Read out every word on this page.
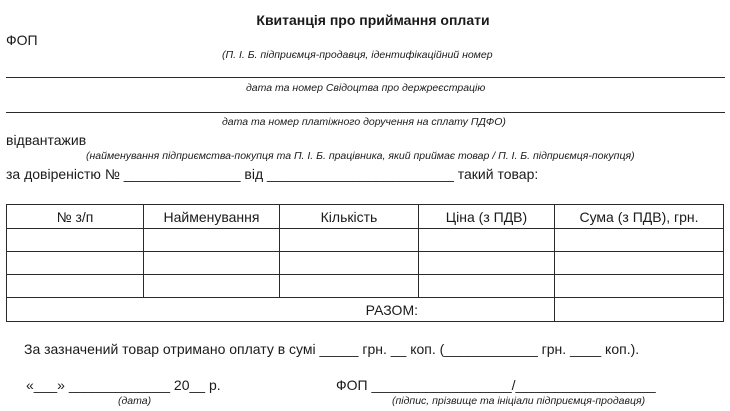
Квитанція про приймання оплати
ФОП
(П. І. Б. підприємця-продавця, ідентифікаційний номер
дата та номер Свідоцтва про держреєстрацію
дата та номер платіжного доручення на сплату ПДФО)
відвантажив
(найменування підприємства-покупця та П. І. Б. працівника, який приймає товар / П. І. Б. підприємця-покупця)
за довіреністю № _______________ від ________________________ такий товар:
№ з/п	Найменування	Кількість	Ціна (з ПДВ)	Сума (з ПДВ), грн.

РАЗОМ:				
За зазначений товар отримано оплату в сумі _____ грн. __ коп. (____________ грн. ____ коп.).
«___» _____________ 20__ р.
(дата)
ФОП __________________/__________________
(підпис, прізвище та ініціали підприємця-продавця)
